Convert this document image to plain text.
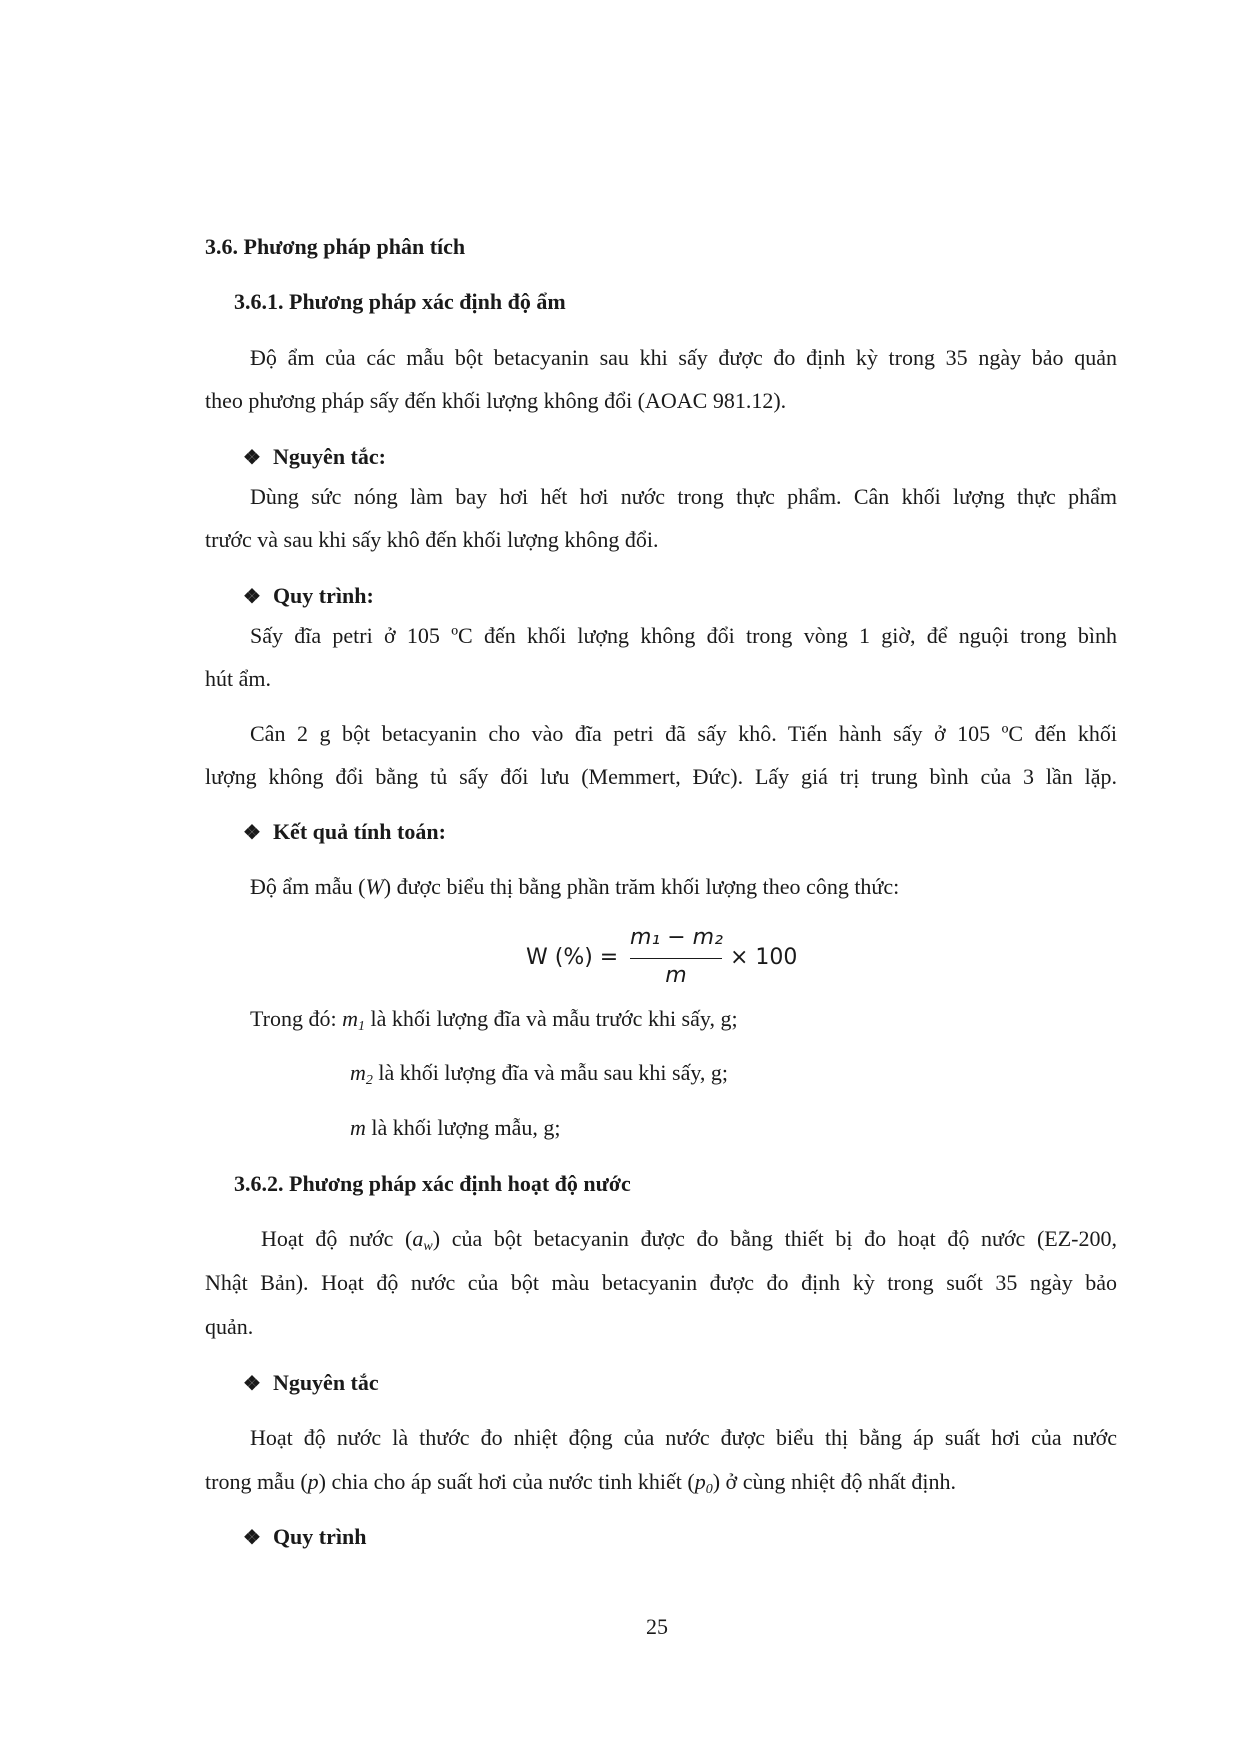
3.6. Phương pháp phân tích
3.6.1. Phương pháp xác định độ ẩm
Độ ẩm của các mẫu bột betacyanin sau khi sấy được đo định kỳ trong 35 ngày bảo quản
theo phương pháp sấy đến khối lượng không đổi (AOAC 981.12).
❖ Nguyên tắc:
Dùng sức nóng làm bay hơi hết hơi nước trong thực phẩm. Cân khối lượng thực phẩm
trước và sau khi sấy khô đến khối lượng không đổi.
❖ Quy trình:
Sấy đĩa petri ở 105 ºC đến khối lượng không đổi trong vòng 1 giờ, để nguội trong bình
hút ẩm.
Cân 2 g bột betacyanin cho vào đĩa petri đã sấy khô. Tiến hành sấy ở 105 ºC đến khối
lượng không đổi bằng tủ sấy đối lưu (Memmert, Đức). Lấy giá trị trung bình của 3 lần lặp.
❖ Kết quả tính toán:
Độ ẩm mẫu (W) được biểu thị bằng phần trăm khối lượng theo công thức:
W (%) =
m₁ − m₂
m
× 100
Trong đó: $m_1$ là khối lượng đĩa và mẫu trước khi sấy, g;
$m_2$ là khối lượng đĩa và mẫu sau khi sấy, g;
m là khối lượng mẫu, g;
3.6.2. Phương pháp xác định hoạt độ nước
Hoạt độ nước $(a_w)$ của bột betacyanin được đo bằng thiết bị đo hoạt độ nước (EZ-200,
Nhật Bản). Hoạt độ nước của bột màu betacyanin được đo định kỳ trong suốt 35 ngày bảo
quản.
❖ Nguyên tắc
Hoạt độ nước là thước đo nhiệt động của nước được biểu thị bằng áp suất hơi của nước
trong mẫu (p) chia cho áp suất hơi của nước tinh khiết $(p_0)$ ở cùng nhiệt độ nhất định.
❖ Quy trình
25
